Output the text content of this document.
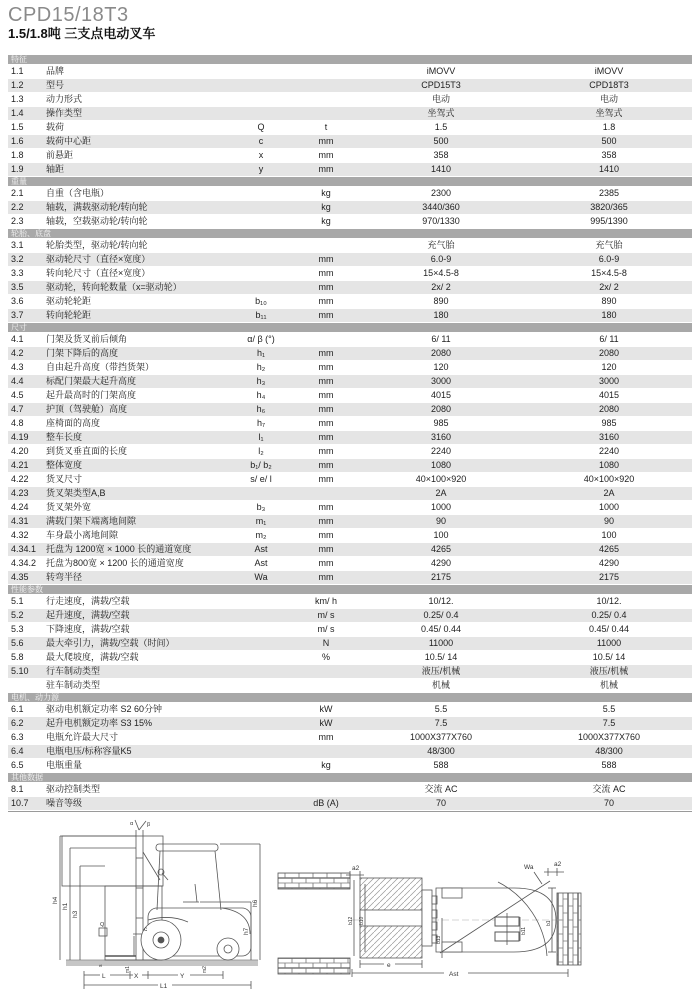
CPD15/18T3
1.5/1.8吨 三支点电动叉车
特征
1.1	品牌	iMOVV	iMOVV
1.2	型号	CPD15T3	CPD18T3
1.3	动力形式	电动	电动
1.4	操作类型	坐驾式	坐驾式
1.5	载荷	Q	t	1.5	1.8
1.6	载荷中心距	c	mm	500	500
1.8	前悬距	x	mm	358	358
1.9	轴距	y	mm	1410	1410
重量
2.1	自重（含电瓶）	kg	2300	2385
2.2	轴载，满载驱动轮/转向轮	kg	3440/360	3820/365
2.3	轴载，空载驱动轮/转向轮	kg	970/1330	995/1390
轮胎、底盘
3.1	轮胎类型，驱动轮/转向轮	充气胎	充气胎
3.2	驱动轮尺寸（直径×宽度）	mm	6.0-9	6.0-9
3.3	转向轮尺寸（直径×宽度）	mm	15×4.5-8	15×4.5-8
3.5	驱动轮，转向轮数量（x=驱动轮）	mm	2x/ 2	2x/ 2
3.6	驱动轮轮距	b₁₀	mm	890	890
3.7	转向轮轮距	b₁₁	mm	180	180
尺寸
4.1	门架及货叉前后倾角	α/ β (°)	6/ 11	6/ 11
4.2	门架下降后的高度	h₁	mm	2080	2080
4.3	自由起升高度（带挡货架）	h₂	mm	120	120
4.4	标配门架最大起升高度	h₃	mm	3000	3000
4.5	起升最高时的门架高度	h₄	mm	4015	4015
4.7	护顶（驾驶舱）高度	h₆	mm	2080	2080
4.8	座椅面的高度	h₇	mm	985	985
4.19	整车长度	l₁	mm	3160	3160
4.20	到货叉垂直面的长度	l₂	mm	2240	2240
4.21	整体宽度	b₁/ b₂	mm	1080	1080
4.22	货叉尺寸	s/ e/ l	mm	40×100×920	40×100×920
4.23	货叉架类型A,B	2A	2A
4.24	货叉架外宽	b₃	mm	1000	1000
4.31	满载门架下端离地间隙	m₁	mm	90	90
4.32	车身最小离地间隙	m₂	mm	100	100
4.34.1	托盘为 1200宽 × 1000 长的通道宽度	Ast	mm	4265	4265
4.34.2	托盘为800宽 × 1200 长的通道宽度	Ast	mm	4290	4290
4.35	转弯半径	Wa	mm	2175	2175
性能参数
5.1	行走速度，满载/空载	km/ h	10/12.	10/12.
5.2	起升速度，满载/空载	m/ s	0.25/ 0.4	0.25/ 0.4
5.3	下降速度，满载/空载	m/ s	0.45/ 0.44	0.45/ 0.44
5.6	最大牵引力，满载/空载（时间）	N	11000	11000
5.8	最大爬坡度，满载/空载	%	10.5/ 14	10.5/ 14
5.10	行车制动类型	液压/机械	液压/机械
驻车制动类型	机械	机械
电机、动力源
6.1	驱动电机额定功率 S2 60分钟	kW	5.5	5.5
6.2	起升电机额定功率 S3 15%	kW	7.5	7.5
6.3	电瓶允许最大尺寸	mm	1000X377X760	1000X377X760
6.4	电瓶电压/标称容量K5	48/300	48/300
6.5	电瓶重量	kg	588	588
其他数据
8.1	驱动控制类型	交流 AC	交流 AC
10.7	噪音等级	dB (A)	70	70
α	β
h4
h1
h3
h6
h7
c
Q
s
m1	m2
L	X	Y
L1
a2
a2
Wa
b12 b10
e
b13
b11
b1
Ast
